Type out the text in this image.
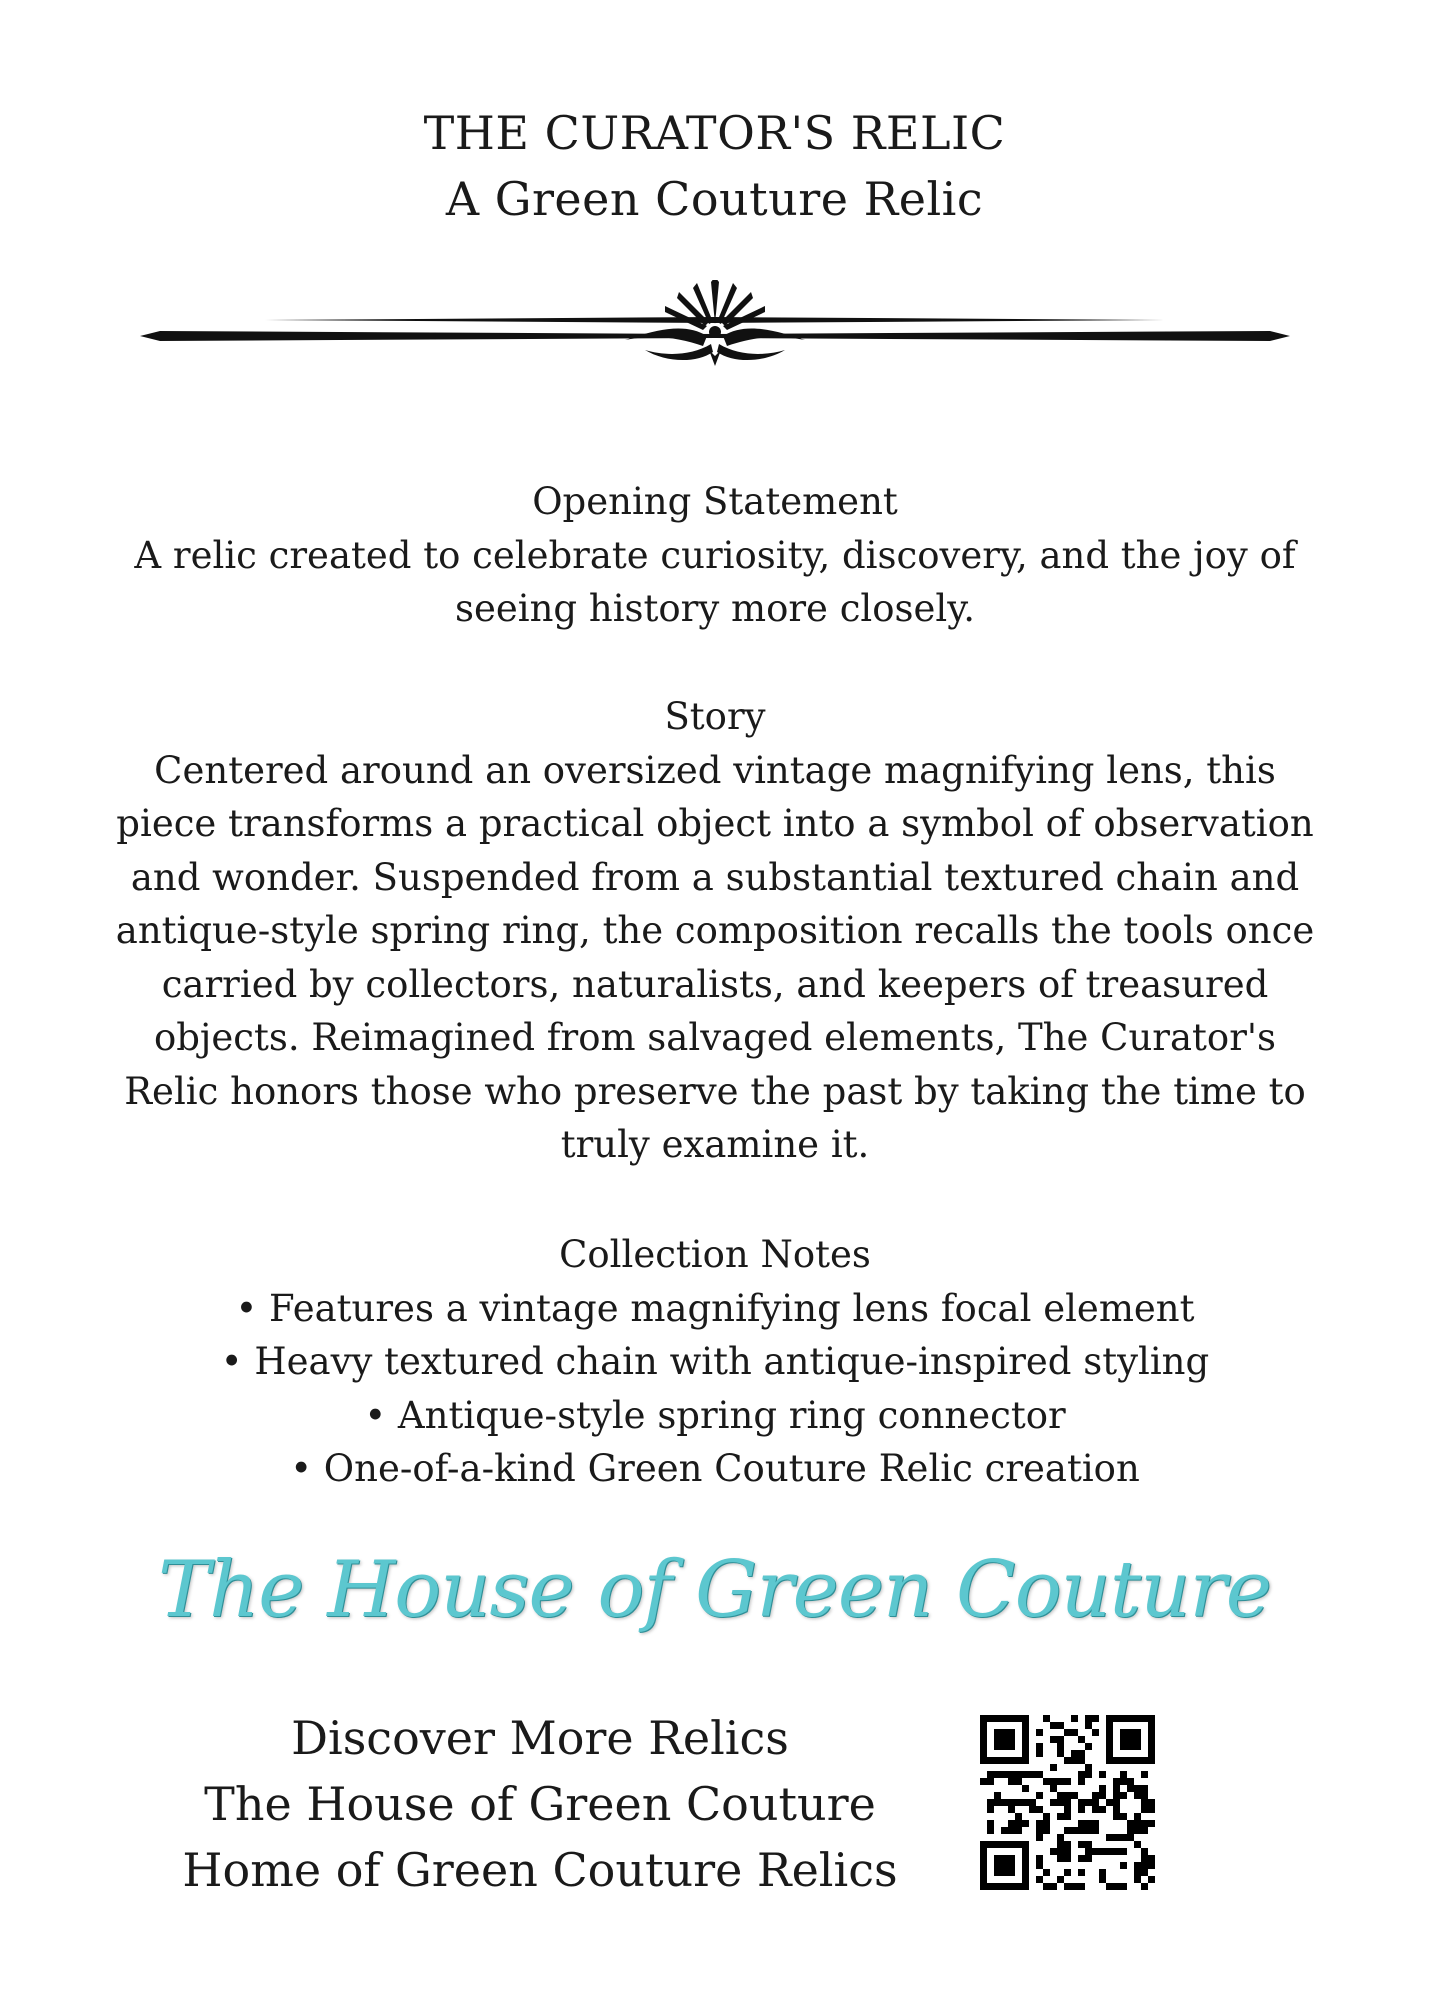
THE CURATOR'S RELIC
A Green Couture Relic
Opening Statement
A relic created to celebrate curiosity, discovery, and the joy of seeing history more closely.
Story
Centered around an oversized vintage magnifying lens, this piece transforms a practical object into a symbol of observation and wonder. Suspended from a substantial textured chain and antique-style spring ring, the composition recalls the tools once carried by collectors, naturalists, and keepers of treasured objects. Reimagined from salvaged elements, The Curator's Relic honors those who preserve the past by taking the time to truly examine it.
Collection Notes
• Features a vintage magnifying lens focal element
• Heavy textured chain with antique-inspired styling
• Antique-style spring ring connector
• One-of-a-kind Green Couture Relic creation
The House of Green Couture
Discover More Relics
The House of Green Couture
Home of Green Couture Relics
